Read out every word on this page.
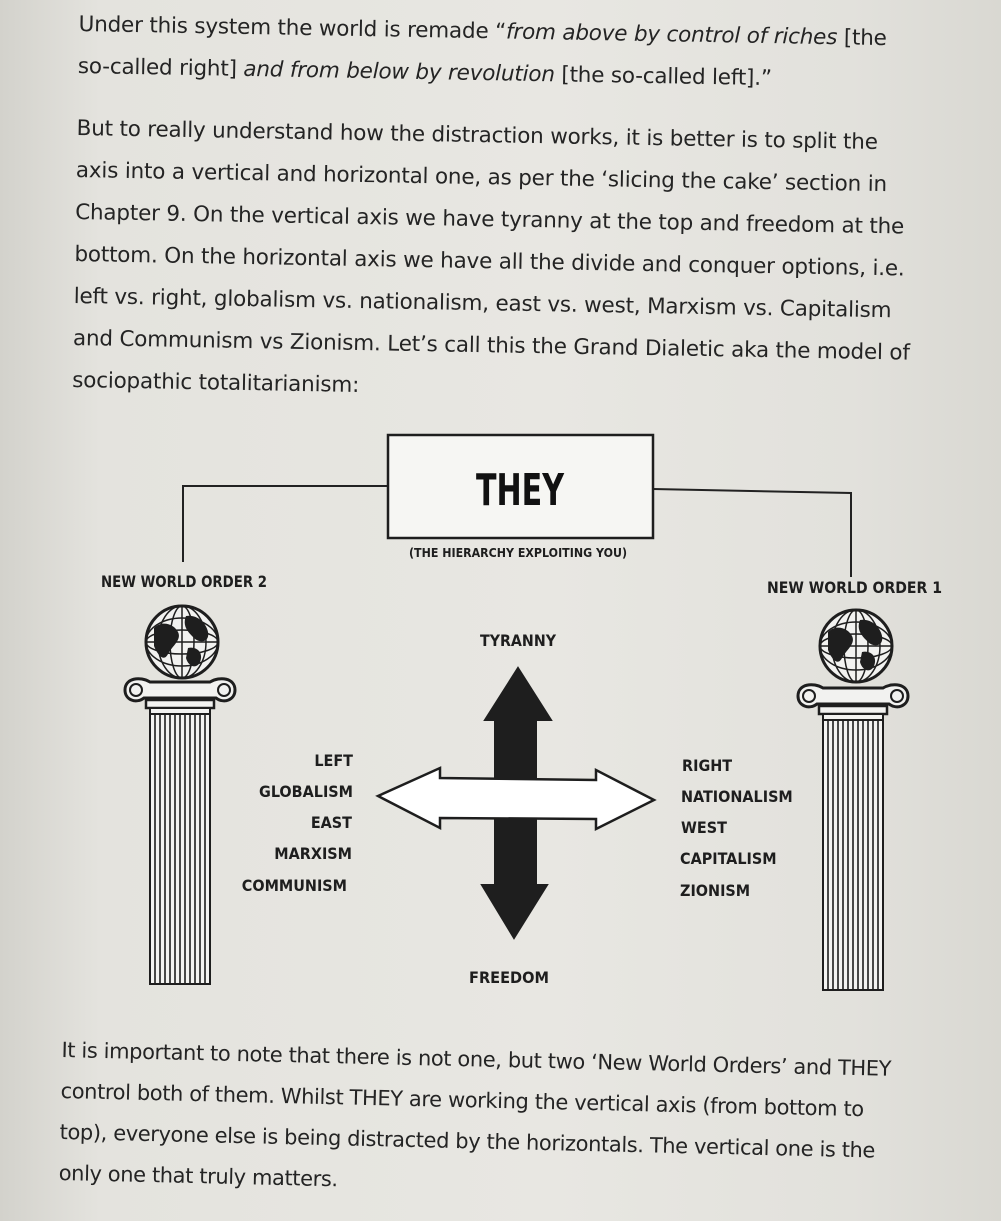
Under this system the world is remade “from above by control of riches [the
so-called right] and from below by revolution [the so-called left].”

But to really understand how the distraction works, it is better is to split the
axis into a vertical and horizontal one, as per the ‘slicing the cake’ section in
Chapter 9. On the vertical axis we have tyranny at the top and freedom at the
bottom. On the horizontal axis we have all the divide and conquer options, i.e.
left vs. right, globalism vs. nationalism, east vs. west, Marxism vs. Capitalism
and Communism vs Zionism. Let’s call this the Grand Dialetic aka the model of
sociopathic totalitarianism:

THEY
(THE HIERARCHY EXPLOITING YOU)
NEW WORLD ORDER 2	NEW WORLD ORDER 1
TYRANNY
FREEDOM
LEFT
GLOBALISM
EAST
MARXISM
COMMUNISM
RIGHT
NATIONALISM
WEST
CAPITALISM
ZIONISM

It is important to note that there is not one, but two ‘New World Orders’ and THEY
control both of them. Whilst THEY are working the vertical axis (from bottom to
top), everyone else is being distracted by the horizontals. The vertical one is the
only one that truly matters.
